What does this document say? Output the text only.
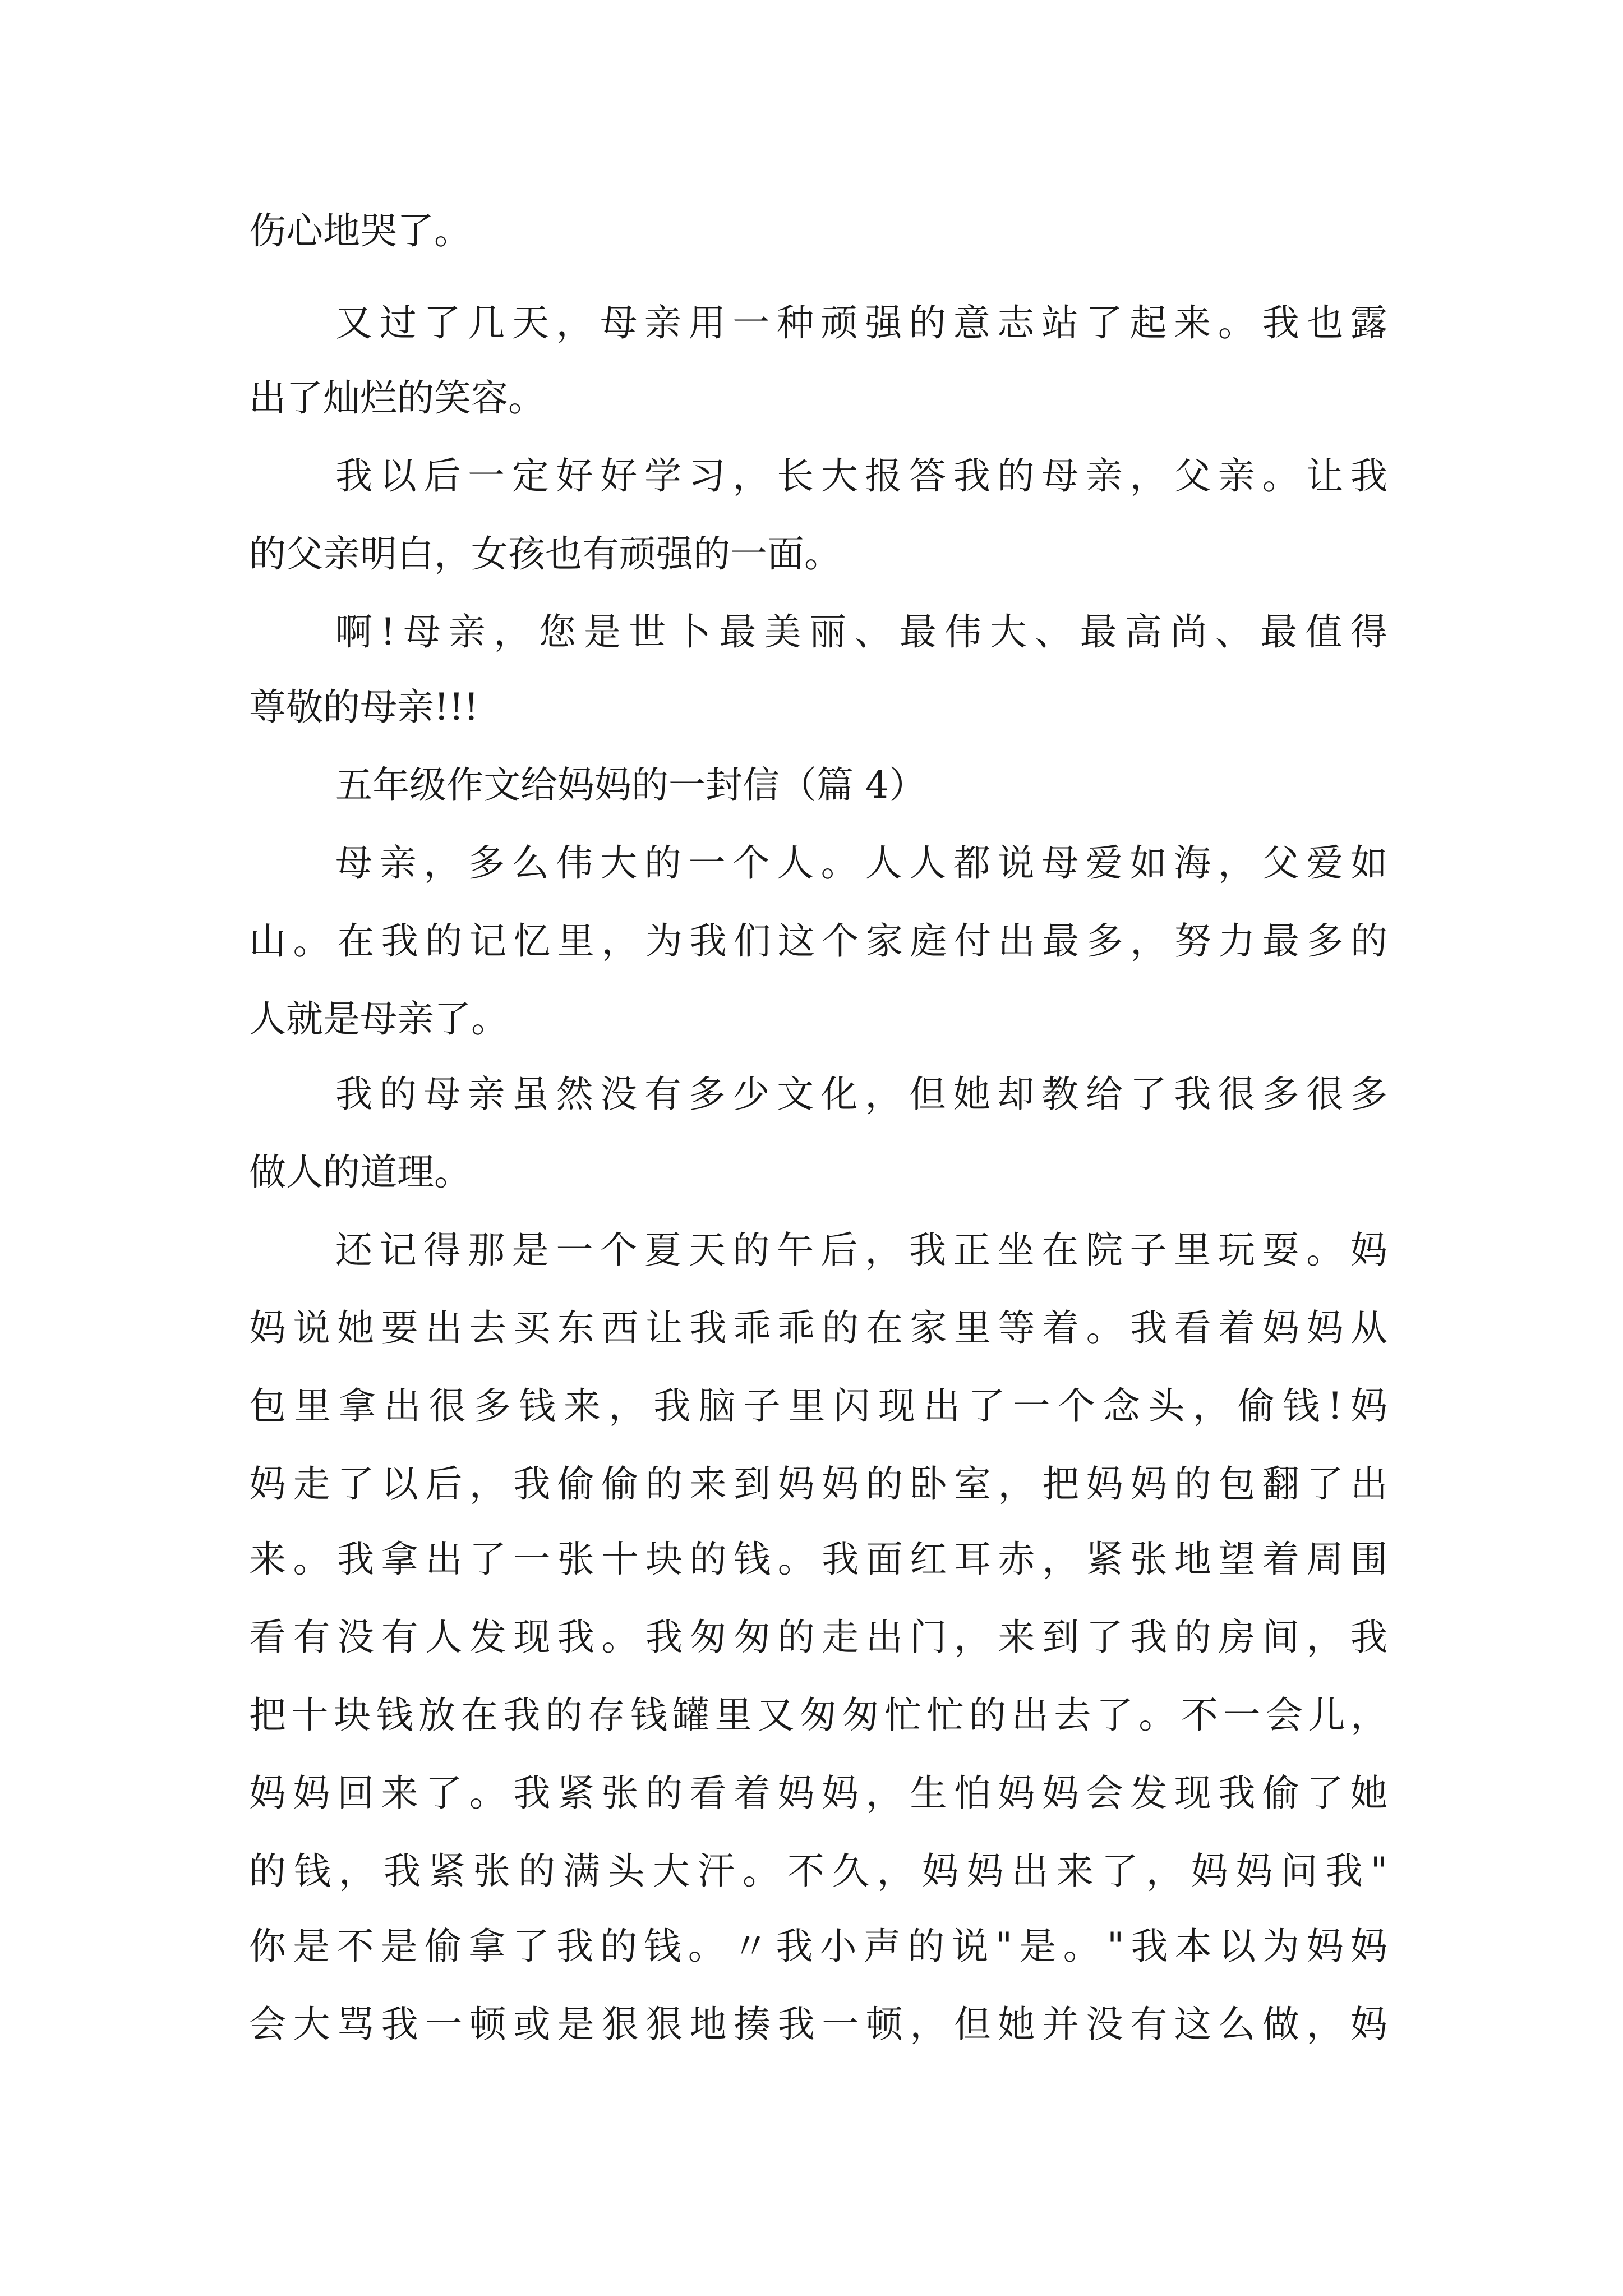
伤心地哭了。

又过了几天，母亲用一种顽强的意志站了起来。我也露

出了灿烂的笑容。

我以后一定好好学习，长大报答我的母亲，父亲。让我

的父亲明白，女孩也有顽强的一面。

啊!母亲，您是世卜最美丽、最伟大、最高尚、最值得

尊敬的母亲!!!

五年级作文给妈妈的一封信（篇 4）

母亲，多么伟大的一个人。人人都说母爱如海，父爱如

山。在我的记忆里，为我们这个家庭付出最多，努力最多的

人就是母亲了。

我的母亲虽然没有多少文化，但她却教给了我很多很多

做人的道理。

还记得那是一个夏天的午后，我正坐在院子里玩耍。妈

妈说她要出去买东西让我乖乖的在家里等着。我看着妈妈从

包里拿出很多钱来，我脑子里闪现出了一个念头，偷钱!妈

妈走了以后，我偷偷的来到妈妈的卧室，把妈妈的包翻了出

来。我拿出了一张十块的钱。我面红耳赤，紧张地望着周围

看有没有人发现我。我匆匆的走出门，来到了我的房间，我

把十块钱放在我的存钱罐里又匆匆忙忙的出去了。不一会儿，

妈妈回来了。我紧张的看着妈妈，生怕妈妈会发现我偷了她

的钱，我紧张的满头大汗。不久，妈妈出来了，妈妈问我"

你是不是偷拿了我的钱。〃我小声的说"是。"我本以为妈妈

会大骂我一顿或是狠狠地揍我一顿，但她并没有这么做，妈
